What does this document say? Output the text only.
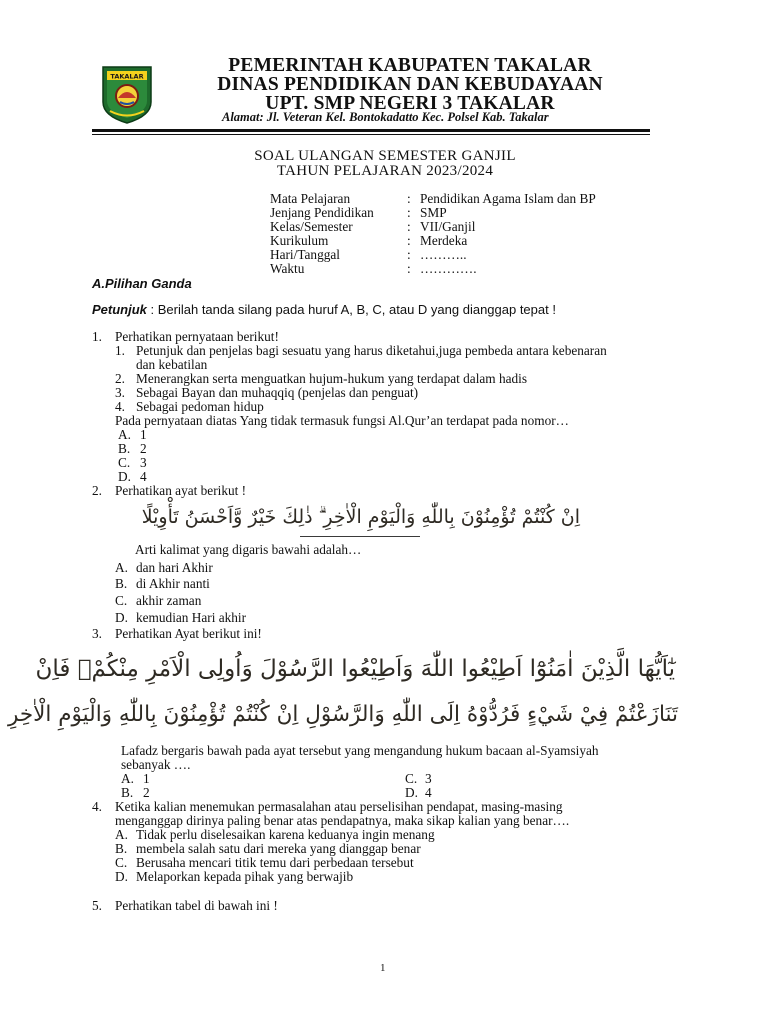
TAKALAR
PEMERINTAH KABUPATEN TAKALAR
DINAS PENDIDIKAN DAN KEBUDAYAAN
UPT. SMP NEGERI 3 TAKALAR
Alamat: Jl. Veteran Kel. Bontokadatto Kec. Polsel Kab. Takalar
SOAL ULANGAN SEMESTER GANJIL
TAHUN PELAJARAN 2023/2024
Mata Pelajaran	: Pendidikan Agama Islam dan BP
Jenjang Pendidikan : SMP
Kelas/Semester	: VII/Ganjil
Kurikulum	: Merdeka
Hari/Tanggal	: ………..
Waktu	: ………….
A.Pilihan Ganda
Petunjuk : Berilah tanda silang pada huruf A, B, C, atau D yang dianggap tepat !
1. Perhatikan pernyataan berikut!
1. Petunjuk dan penjelas bagi sesuatu yang harus diketahui,juga pembeda antara kebenaran
dan kebatilan
2. Menerangkan serta menguatkan hujum-hukum yang terdapat dalam hadis
3. Sebagai Bayan dan muhaqqiq (penjelas dan penguat)
4. Sebagai pedoman hidup
Pada pernyataan diatas Yang tidak termasuk fungsi Al.Qur’an terdapat pada nomor…
A. 1
B. 2
C. 3
D. 4
2. Perhatikan ayat berikut !
اِنْ كُنْتُمْ تُؤْمِنُوْنَ بِاللّٰهِ وَالْيَوْمِ الْاٰخِرِ ۗ ذٰلِكَ خَيْرٌ وَّاَحْسَنُ تَأْوِيْلًا
Arti kalimat yang digaris bawahi adalah…
A. dan hari Akhir
B. di Akhir nanti
C. akhir zaman
D. kemudian Hari akhir
3. Perhatikan Ayat berikut ini!
يٰٓاَيُّهَا الَّذِيْنَ اٰمَنُوْٓا اَطِيْعُوا اللّٰهَ وَاَطِيْعُوا الرَّسُوْلَ وَاُولِى الْاَمْرِ مِنْكُمْۚ فَاِنْ
تَنَازَعْتُمْ فِيْ شَيْءٍ فَرُدُّوْهُ اِلَى اللّٰهِ وَالرَّسُوْلِ اِنْ كُنْتُمْ تُؤْمِنُوْنَ بِاللّٰهِ وَالْيَوْمِ الْاٰخِرِ
Lafadz bergaris bawah pada ayat tersebut yang mengandung hukum bacaan al-Syamsiyah
sebanyak ….
A. 1
B. 2
C. 3
D. 4
4. Ketika kalian menemukan permasalahan atau perselisihan pendapat, masing-masing
menganggap dirinya paling benar atas pendapatnya, maka sikap kalian yang benar….
A. Tidak perlu diselesaikan karena keduanya ingin menang
B. membela salah satu dari mereka yang dianggap benar
C. Berusaha mencari titik temu dari perbedaan tersebut
D. Melaporkan kepada pihak yang berwajib
5. Perhatikan tabel di bawah ini !
1
